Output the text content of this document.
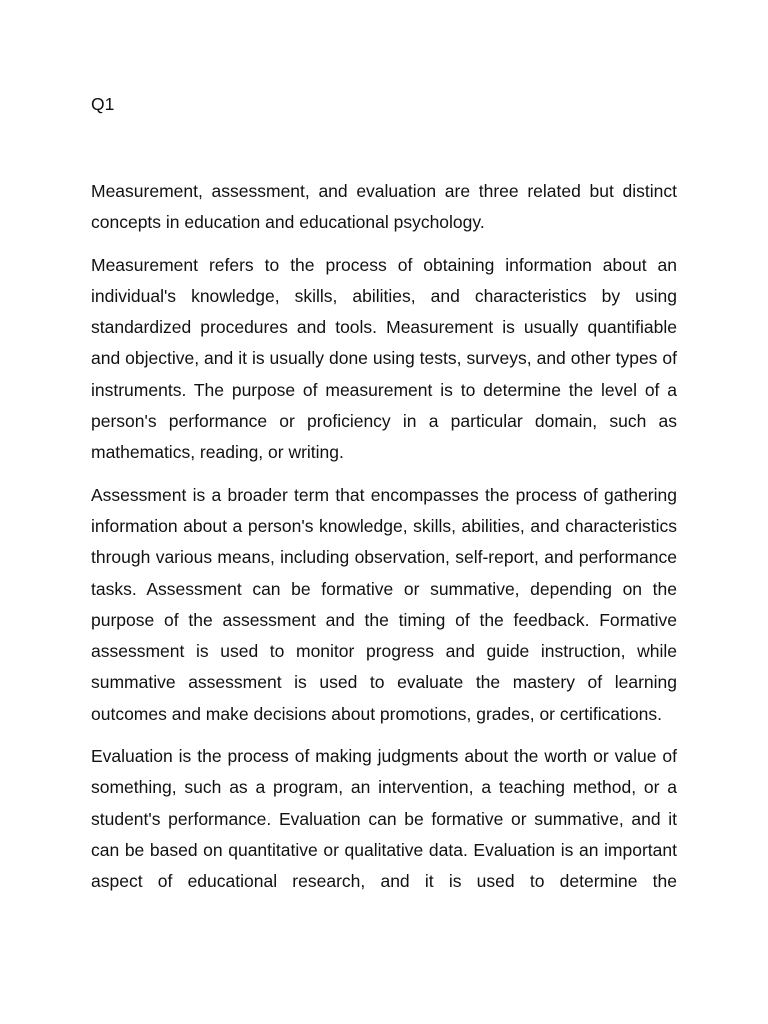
Q1

Measurement, assessment, and evaluation are three related but distinct concepts in education and educational psychology.

Measurement refers to the process of obtaining information about an individual's knowledge, skills, abilities, and characteristics by using standardized procedures and tools. Measurement is usually quantifiable and objective, and it is usually done using tests, surveys, and other types of instruments. The purpose of measurement is to determine the level of a person's performance or proficiency in a particular domain, such as mathematics, reading, or writing.

Assessment is a broader term that encompasses the process of gathering information about a person's knowledge, skills, abilities, and characteristics through various means, including observation, self-report, and performance tasks. Assessment can be formative or summative, depending on the purpose of the assessment and the timing of the feedback. Formative assessment is used to monitor progress and guide instruction, while summative assessment is used to evaluate the mastery of learning outcomes and make decisions about promotions, grades, or certifications.

Evaluation is the process of making judgments about the worth or value of something, such as a program, an intervention, a teaching method, or a student's performance. Evaluation can be formative or summative, and it can be based on quantitative or qualitative data. Evaluation is an important aspect of educational research, and it is used to determine the
